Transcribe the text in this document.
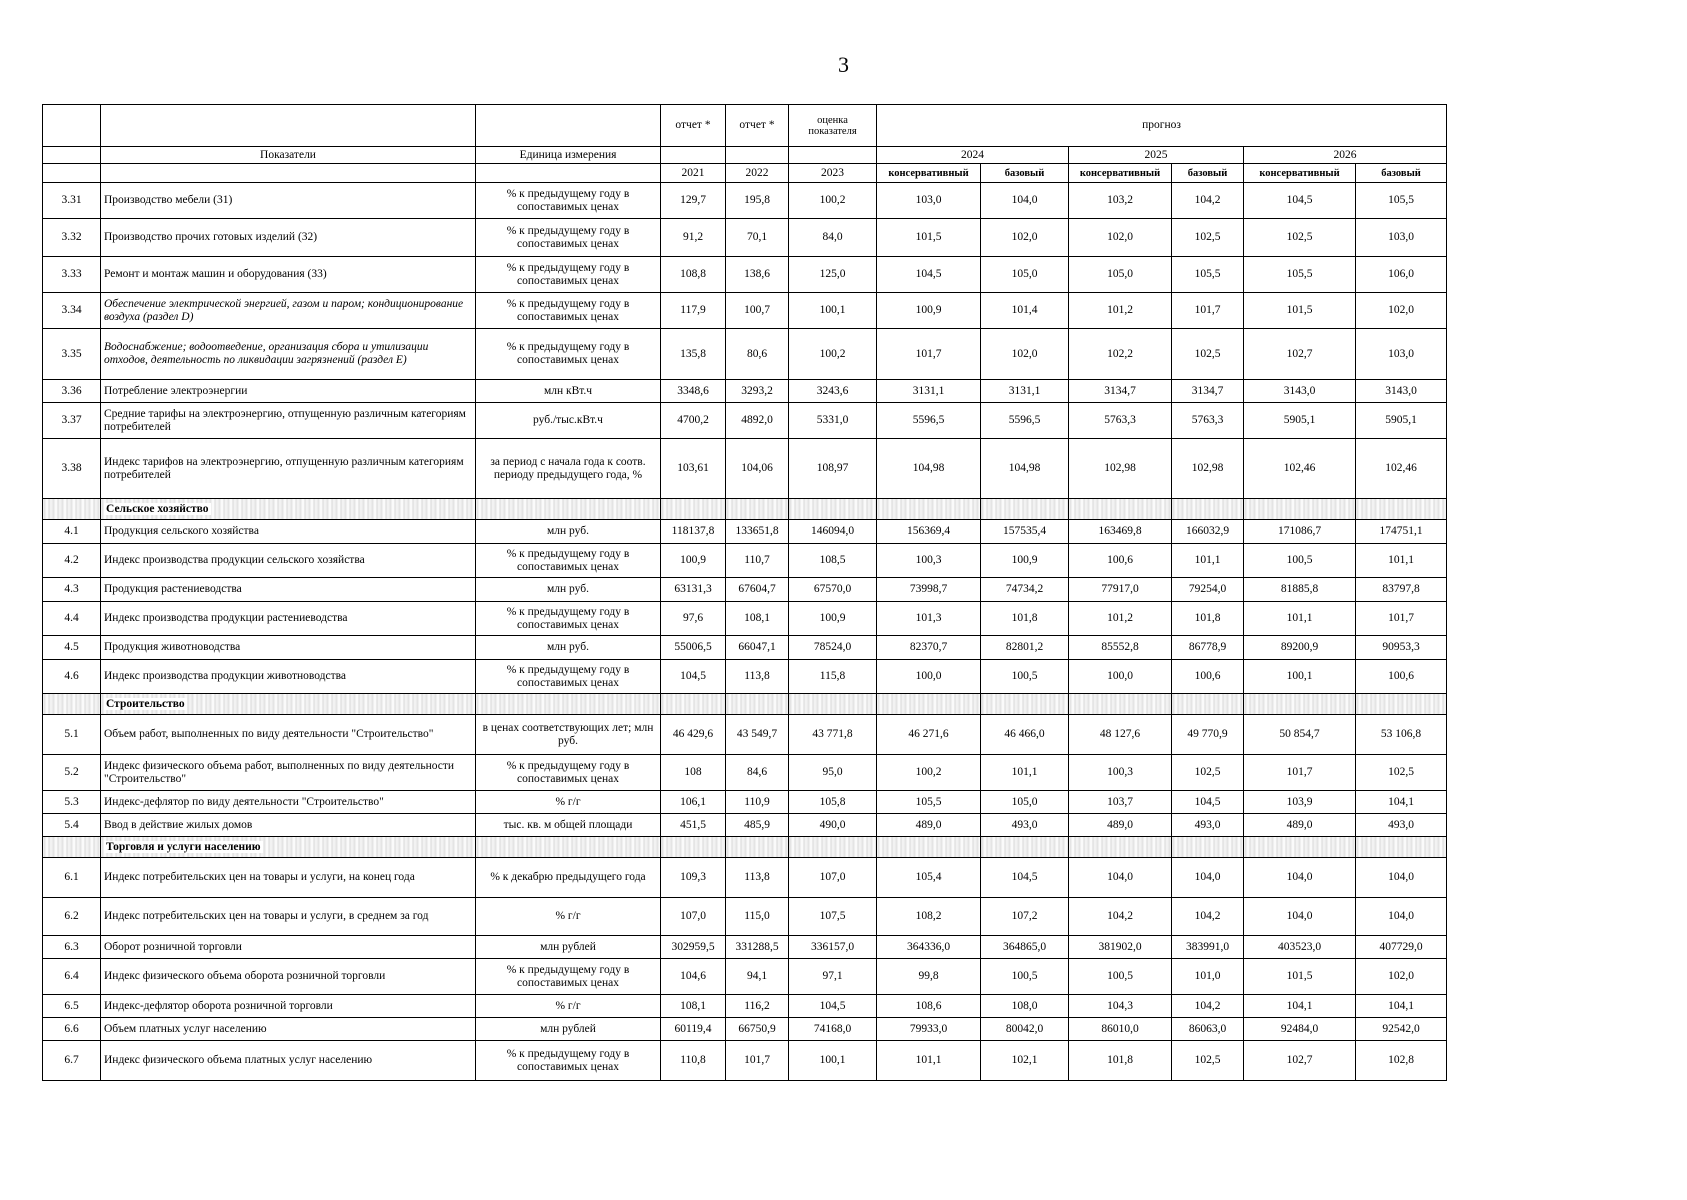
3
			отчет *	отчет *	оценка показателя	прогноз					
	Показатели	Единица измерения				2024		2025		2026	
			2021	2022	2023	консервативный	базовый	консервативный	базовый	консервативный	базовый
3.31	Производство мебели (31)	% к предыдущему году в сопоставимых ценах	129,7	195,8	100,2	103,0	104,0	103,2	104,2	104,5	105,5
3.32	Производство прочих готовых изделий (32)	% к предыдущему году в сопоставимых ценах	91,2	70,1	84,0	101,5	102,0	102,0	102,5	102,5	103,0
3.33	Ремонт и монтаж машин и оборудования (33)	% к предыдущему году в сопоставимых ценах	108,8	138,6	125,0	104,5	105,0	105,0	105,5	105,5	106,0
3.34	Обеспечение электрической энергией, газом и паром; кондиционирование воздуха (раздел D)	% к предыдущему году в сопоставимых ценах	117,9	100,7	100,1	100,9	101,4	101,2	101,7	101,5	102,0
3.35	Водоснабжение; водоотведение, организация сбора и утилизации отходов, деятельность по ликвидации загрязнений (раздел E)	% к предыдущему году в сопоставимых ценах	135,8	80,6	100,2	101,7	102,0	102,2	102,5	102,7	103,0
3.36	Потребление электроэнергии	млн кВт.ч	3348,6	3293,2	3243,6	3131,1	3131,1	3134,7	3134,7	3143,0	3143,0
3.37	Средние тарифы на электроэнергию, отпущенную различным категориям потребителей	руб./тыс.кВт.ч	4700,2	4892,0	5331,0	5596,5	5596,5	5763,3	5763,3	5905,1	5905,1
3.38	Индекс тарифов на электроэнергию, отпущенную различным категориям потребителей	за период с начала года к соотв. периоду предыдущего года, %	103,61	104,06	108,97	104,98	104,98	102,98	102,98	102,46	102,46
	Сельское хозяйство										
4.1	Продукция сельского хозяйства	млн руб.	118137,8	133651,8	146094,0	156369,4	157535,4	163469,8	166032,9	171086,7	174751,1
4.2	Индекс производства продукции сельского хозяйства	% к предыдущему году в сопоставимых ценах	100,9	110,7	108,5	100,3	100,9	100,6	101,1	100,5	101,1
4.3	Продукция растениеводства	млн руб.	63131,3	67604,7	67570,0	73998,7	74734,2	77917,0	79254,0	81885,8	83797,8
4.4	Индекс производства продукции растениеводства	% к предыдущему году в сопоставимых ценах	97,6	108,1	100,9	101,3	101,8	101,2	101,8	101,1	101,7
4.5	Продукция животноводства	млн руб.	55006,5	66047,1	78524,0	82370,7	82801,2	85552,8	86778,9	89200,9	90953,3
4.6	Индекс производства продукции животноводства	% к предыдущему году в сопоставимых ценах	104,5	113,8	115,8	100,0	100,5	100,0	100,6	100,1	100,6
	Строительство										
5.1	Объем работ, выполненных по виду деятельности "Строительство"	в ценах соответствующих лет; млн руб.	46 429,6	43 549,7	43 771,8	46 271,6	46 466,0	48 127,6	49 770,9	50 854,7	53 106,8
5.2	Индекс физического объема работ, выполненных по виду деятельности "Строительство"	% к предыдущему году в сопоставимых ценах	108	84,6	95,0	100,2	101,1	100,3	102,5	101,7	102,5
5.3	Индекс-дефлятор по виду деятельности "Строительство"	% г/г	106,1	110,9	105,8	105,5	105,0	103,7	104,5	103,9	104,1
5.4	Ввод в действие жилых домов	тыс. кв. м общей площади	451,5	485,9	490,0	489,0	493,0	489,0	493,0	489,0	493,0
	Торговля и услуги населению										
6.1	Индекс потребительских цен на товары и услуги, на конец года	% к декабрю предыдущего года	109,3	113,8	107,0	105,4	104,5	104,0	104,0	104,0	104,0
6.2	Индекс потребительских цен на товары и услуги, в среднем за год	% г/г	107,0	115,0	107,5	108,2	107,2	104,2	104,2	104,0	104,0
6.3	Оборот розничной торговли	млн рублей	302959,5	331288,5	336157,0	364336,0	364865,0	381902,0	383991,0	403523,0	407729,0
6.4	Индекс физического объема оборота розничной торговли	% к предыдущему году в сопоставимых ценах	104,6	94,1	97,1	99,8	100,5	100,5	101,0	101,5	102,0
6.5	Индекс-дефлятор оборота розничной торговли	% г/г	108,1	116,2	104,5	108,6	108,0	104,3	104,2	104,1	104,1
6.6	Объем платных услуг населению	млн рублей	60119,4	66750,9	74168,0	79933,0	80042,0	86010,0	86063,0	92484,0	92542,0
6.7	Индекс физического объема платных услуг населению	% к предыдущему году в сопоставимых ценах	110,8	101,7	100,1	101,1	102,1	101,8	102,5	102,7	102,8
